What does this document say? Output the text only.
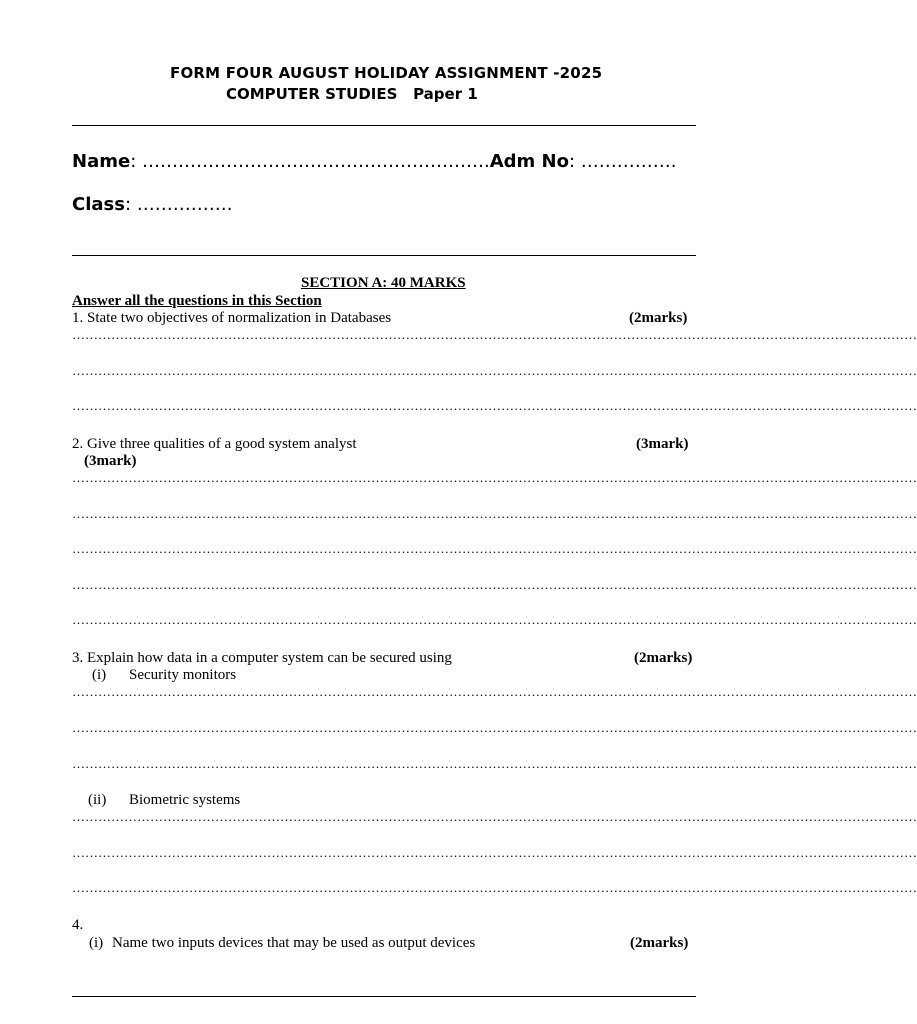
FORM FOUR AUGUST HOLIDAY ASSIGNMENT -2025
COMPUTER STUDIES Paper 1
Name: ………………………………………………….Adm No: …………….
Class: …………….
SECTION A: 40 MARKS
Answer all the questions in this Section
1. State two objectives of normalization in Databases	(2marks)
……………………………………………………………………………………………………………………………………………………………………………
……………………………………………………………………………………………………………………………………………………………………………
……………………………………………………………………………………………………………………………………………………………………………
2. Give three qualities of a good system analyst	(3mark)
(3mark)
……………………………………………………………………………………………………………………………………………………………………………
……………………………………………………………………………………………………………………………………………………………………………
……………………………………………………………………………………………………………………………………………………………………………
……………………………………………………………………………………………………………………………………………………………………………
……………………………………………………………………………………………………………………………………………………………………………
3. Explain how data in a computer system can be secured using	(2marks)
(i) Security monitors
……………………………………………………………………………………………………………………………………………………………………………
……………………………………………………………………………………………………………………………………………………………………………
……………………………………………………………………………………………………………………………………………………………………………
(ii) Biometric systems
……………………………………………………………………………………………………………………………………………………………………………
……………………………………………………………………………………………………………………………………………………………………………
……………………………………………………………………………………………………………………………………………………………………………
4.
(i) Name two inputs devices that may be used as output devices	(2marks)
